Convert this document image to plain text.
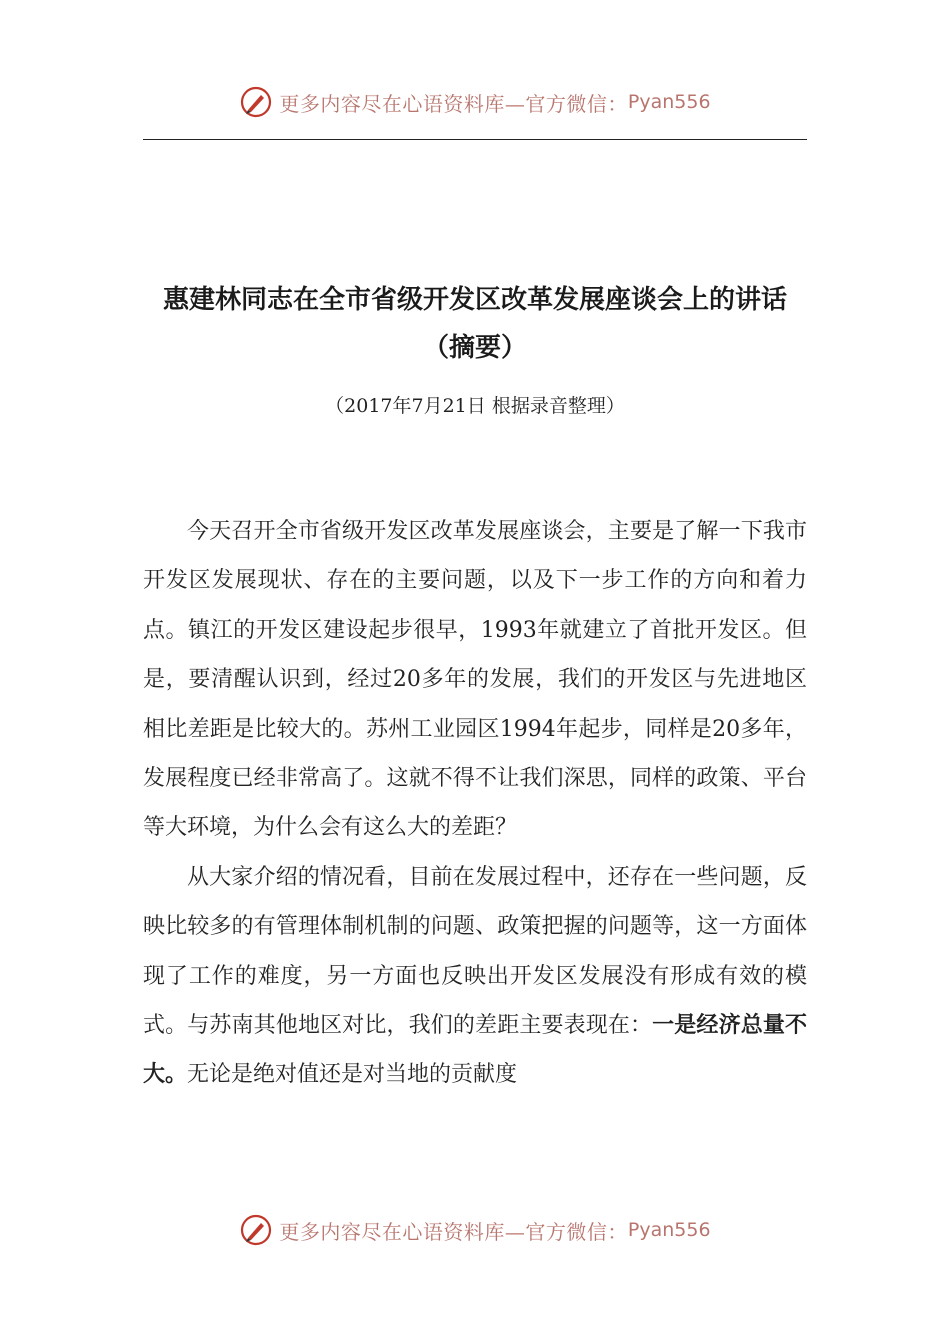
更多内容尽在心语资料库—官方微信： Pyan556
惠建林同志在全市省级开发区改革发展座谈会上的讲话（摘要）
（2017年7月21日 根据录音整理）

今天召开全市省级开发区改革发展座谈会，主要是了解一下我市开发区发展现状、存在的主要问题，以及下一步工作的方向和着力点。镇江的开发区建设起步很早，1993年就建立了首批开发区。但是，要清醒认识到，经过20多年的发展，我们的开发区与先进地区相比差距是比较大的。苏州工业园区1994年起步，同样是20多年，发展程度已经非常高了。这就不得不让我们深思，同样的政策、平台等大环境，为什么会有这么大的差距？

从大家介绍的情况看，目前在发展过程中，还存在一些问题，反映比较多的有管理体制机制的问题、政策把握的问题等，这一方面体现了工作的难度，另一方面也反映出开发区发展没有形成有效的模式。与苏南其他地区对比，我们的差距主要表现在：一是经济总量不大。无论是绝对值还是对当地的贡献度

更多内容尽在心语资料库—官方微信： Pyan556
